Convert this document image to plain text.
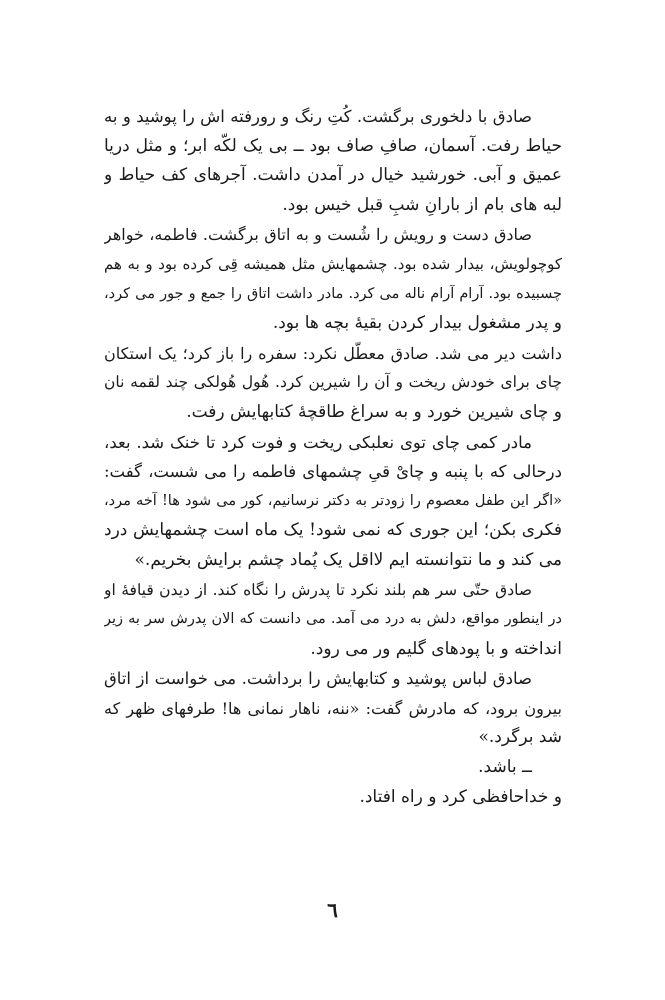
صادق با دلخوری برگشت. کُتِ رنگ و رورفته اش را پوشید و به
حیاط رفت. آسمان، صافِ صاف بود ــ بی یک لکّه ابر؛ و مثل دریا
عمیق و آبی. خورشید خیال در آمدن داشت. آجرهای کف حیاط و
لبه های بام از بارانِ شبِ قبل خیس بود.
صادق دست و رویش را شُست و به اتاق برگشت. فاطمه، خواهر
کوچولویش، بیدار شده بود. چشمهایش مثل همیشه قِی کرده بود و به هم
چسبیده بود. آرام آرام ناله می کرد. مادر داشت اتاق را جمع و جور می کرد،
و پدر مشغول بیدار کردن بقیهٔ بچه ها بود.
داشت دیر می شد. صادق معطّل نکرد: سفره را باز کرد؛ یک استکان
چای برای خودش ریخت و آن را شیرین کرد. هُول هُولکی چند لقمه نان
و چای شیرین خورد و به سراغ طاقچهٔ کتابهایش رفت.
مادر کمی چای توی نعلبکی ریخت و فوت کرد تا خنک شد. بعد،
درحالی که با پنبه و چایْ قیِ چشمهای فاطمه را می شست، گفت:
«اگر این طفل معصوم را زودتر به دکتر نرسانیم، کور می شود ها! آخه مرد،
فکری بکن؛ این جوری که نمی شود! یک ماه است چشمهایش درد
می کند و ما نتوانسته ایم لااقل یک پُماد چشم برایش بخریم.»
صادق حتّی سر هم بلند نکرد تا پدرش را نگاه کند. از دیدن قیافهٔ او
در اینطور مواقع، دلش به درد می آمد. می دانست که الان پدرش سر به زیر
انداخته و با پودهای گلیم ور می رود.
صادق لباس پوشید و کتابهایش را برداشت. می خواست از اتاق
بیرون برود، که مادرش گفت: «ننه، ناهار نمانی ها! طرفهای ظهر که
شد برگرد.»
ــ باشد.
و خداحافظی کرد و راه افتاد.
٦
